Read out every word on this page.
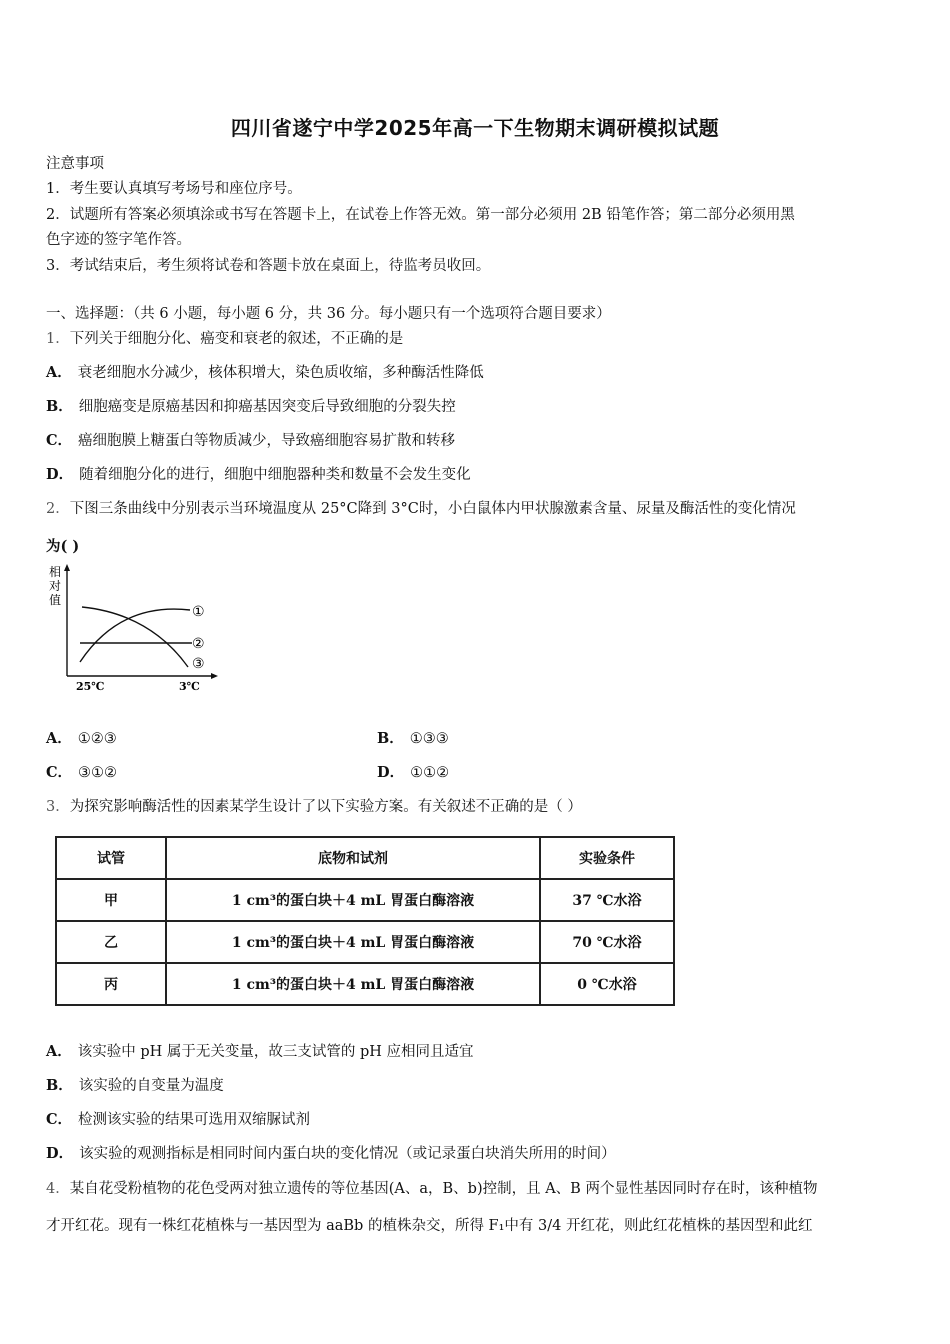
四川省遂宁中学2025年高一下生物期末调研模拟试题
注意事项
1．考生要认真填写考场号和座位序号。
2．试题所有答案必须填涂或书写在答题卡上，在试卷上作答无效。第一部分必须用 2B 铅笔作答；第二部分必须用黑
色字迹的签字笔作答。
3．考试结束后，考生须将试卷和答题卡放在桌面上，待监考员收回。
一、选择题：（共 6 小题，每小题 6 分，共 36 分。每小题只有一个选项符合题目要求）
1．下列关于细胞分化、癌变和衰老的叙述，不正确的是
A． 衰老细胞水分减少，核体积增大，染色质收缩，多种酶活性降低
B． 细胞癌变是原癌基因和抑癌基因突变后导致细胞的分裂失控
C． 癌细胞膜上糖蛋白等物质减少，导致癌细胞容易扩散和转移
D． 随着细胞分化的进行，细胞中细胞器种类和数量不会发生变化
2．下图三条曲线中分别表示当环境温度从 25°C降到 3°C时，小白鼠体内甲状腺激素含量、尿量及酶活性的变化情况
为( )
相
对
值
①
②
③
25℃	3℃
A． ①②③	B． ①③③
C． ③①②	D． ①①②
3．为探究影响酶活性的因素某学生设计了以下实验方案。有关叙述不正确的是（ ）
试管	底物和试剂	实验条件
甲	1 cm³的蛋白块＋4 mL 胃蛋白酶溶液	37 ℃水浴
乙	1 cm³的蛋白块＋4 mL 胃蛋白酶溶液	70 ℃水浴
丙	1 cm³的蛋白块＋4 mL 胃蛋白酶溶液	0 ℃水浴
A． 该实验中 pH 属于无关变量，故三支试管的 pH 应相同且适宜
B． 该实验的自变量为温度
C． 检测该实验的结果可选用双缩脲试剂
D． 该实验的观测指标是相同时间内蛋白块的变化情况（或记录蛋白块消失所用的时间）
4．某自花受粉植物的花色受两对独立遗传的等位基因(A、a，B、b)控制，且 A、B 两个显性基因同时存在时，该种植物
才开红花。现有一株红花植株与一基因型为 aaBb 的植株杂交，所得 F₁中有 3/4 开红花，则此红花植株的基因型和此红
